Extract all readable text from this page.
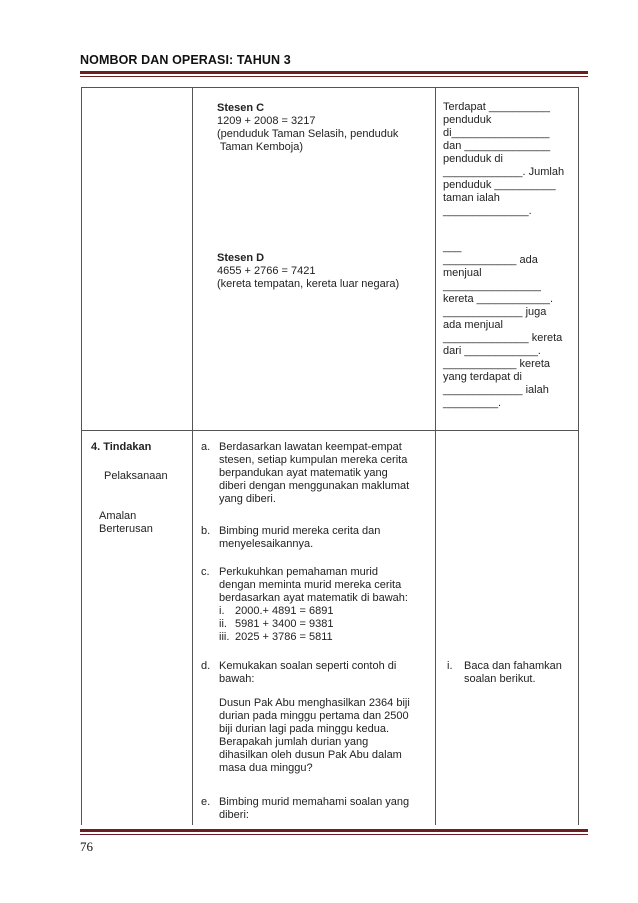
NOMBOR DAN OPERASI: TAHUN 3
Stesen C
1209 + 2008 = 3217
(penduduk Taman Selasih, penduduk
Taman Kemboja)
Stesen D
4655 + 2766 = 7421
(kereta tempatan, kereta luar negara)
Terdapat __________
penduduk
di________________
dan ______________
penduduk di
_____________. Jumlah
penduduk __________
taman ialah
______________.
___
____________ ada
menjual
________________
kereta ____________.
_____________ juga
ada menjual
______________ kereta
dari ____________.
____________ kereta
yang terdapat di
_____________ ialah
_________.
4. Tindakan
Pelaksanaan
Amalan
Berterusan
a. Berdasarkan lawatan keempat-empat
stesen, setiap kumpulan mereka cerita
berpandukan ayat matematik yang
diberi dengan menggunakan maklumat
yang diberi.
b. Bimbing murid mereka cerita dan
menyelesaikannya.
c. Perkukuhkan pemahaman murid
dengan meminta murid mereka cerita
berdasarkan ayat matematik di bawah:
i. 2000.+ 4891 = 6891
ii. 5981 + 3400 = 9381
iii. 2025 + 3786 = 5811
d. Kemukakan soalan seperti contoh di
bawah:
Dusun Pak Abu menghasilkan 2364 biji
durian pada minggu pertama dan 2500
biji durian lagi pada minggu kedua.
Berapakah jumlah durian yang
dihasilkan oleh dusun Pak Abu dalam
masa dua minggu?
e. Bimbing murid memahami soalan yang
diberi:
i. Baca dan fahamkan
soalan berikut.
76
